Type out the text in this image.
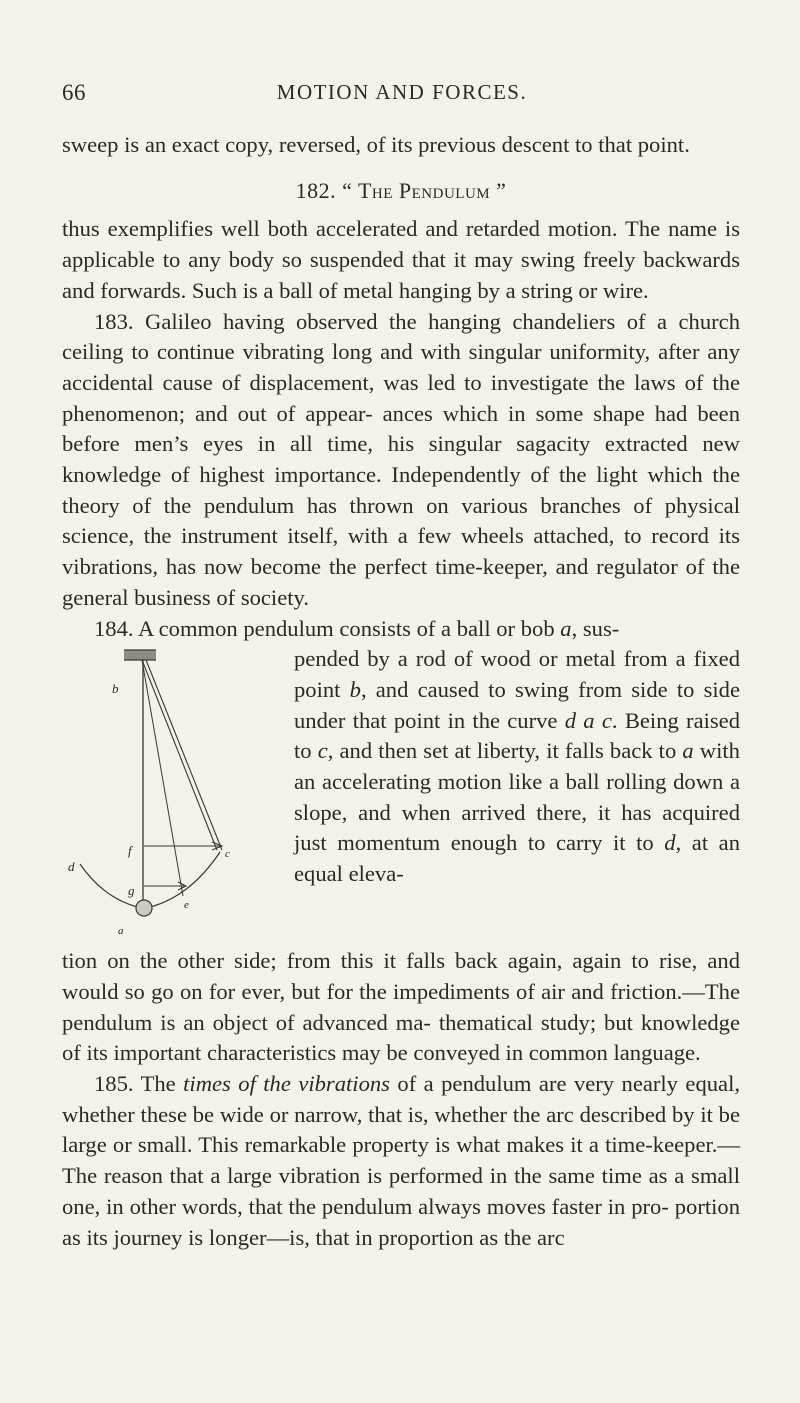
66	MOTION AND FORCES.

sweep is an exact copy, reversed, of its previous descent to that point.

182. “ The Pendulum ”

thus exemplifies well both accelerated and retarded motion. The name is applicable to any body so suspended that it may swing freely backwards and forwards. Such is a ball of metal hanging by a string or wire.

183. Galileo having observed the hanging chandeliers of a church ceiling to continue vibrating long and with singular uniformity, after any accidental cause of displacement, was led to investigate the laws of the phenomenon; and out of appear- ances which in some shape had been before men’s eyes in all time, his singular sagacity extracted new knowledge of highest importance. Independently of the light which the theory of the pendulum has thrown on various branches of physical science, the instrument itself, with a few wheels attached, to record its vibrations, has now become the perfect time-keeper, and regulator of the general business of society.

184. A common pendulum consists of a ball or bob a, sus-

b
f
d
g
c
e
a

pended by a rod of wood or metal from a fixed point b, and caused to swing from side to side under that point in the curve d a c. Being raised to c, and then set at liberty, it falls back to a with an accelerating motion like a ball rolling down a slope, and when arrived there, it has acquired just momentum enough to carry it to d, at an equal eleva-

tion on the other side; from this it falls back again, again to rise, and would so go on for ever, but for the impediments of air and friction.—The pendulum is an object of advanced ma- thematical study; but knowledge of its important characteristics may be conveyed in common language.

185. The times of the vibrations of a pendulum are very nearly equal, whether these be wide or narrow, that is, whether the arc described by it be large or small. This remarkable property is what makes it a time-keeper.—The reason that a large vibration is performed in the same time as a small one, in other words, that the pendulum always moves faster in pro- portion as its journey is longer—is, that in proportion as the arc
